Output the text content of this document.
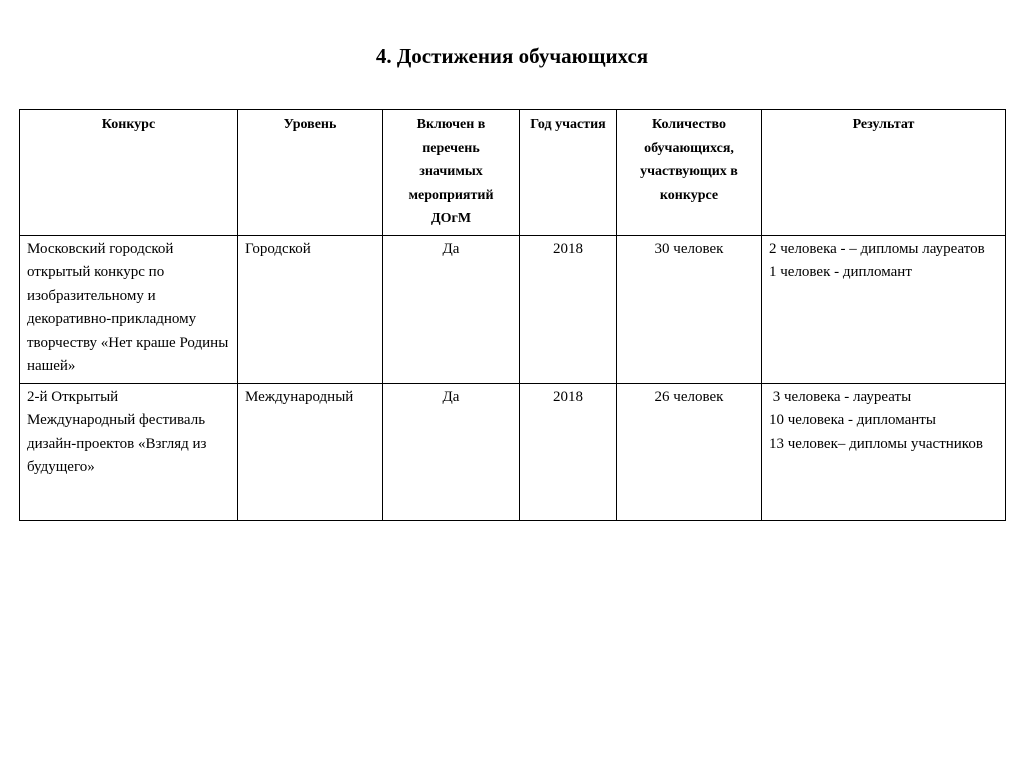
4. Достижения обучающихся
Конкурс	Уровень	Включен в перечень значимых мероприятий ДОгМ	Год участия	Количество обучающихся, участвующих в конкурсе	Результат
Московский городской открытый конкурс по изобразительному и декоративно-прикладному творчеству «Нет краше Родины нашей»	Городской	Да	2018	30 человек	2 человека - – дипломы лауреатов
1 человек - дипломант

2-й Открытый Международный фестиваль дизайн-проектов «Взгляд из будущего»	Международный	Да	2018	26 человек	3 человека - лауреаты
10 человека - дипломанты
13 человек– дипломы участников
